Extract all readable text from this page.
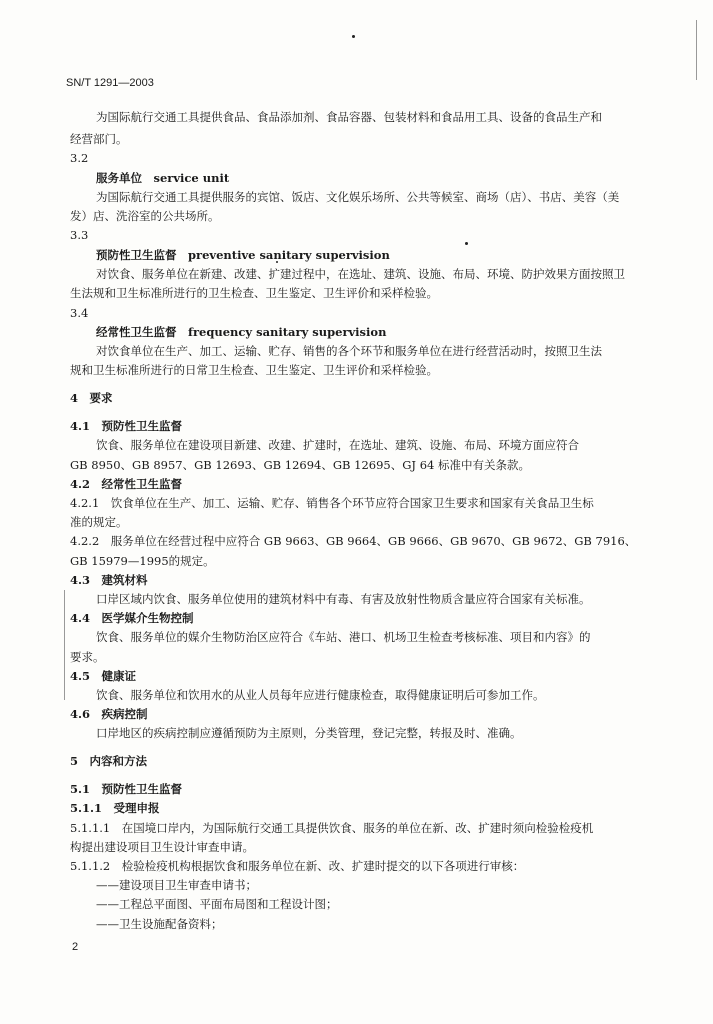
SN/T 1291—2003
为国际航行交通工具提供食品、食品添加剂、食品容器、包装材料和食品用工具、设备的食品生产和
经营部门。
3.2
服务单位　service unit
为国际航行交通工具提供服务的宾馆、饭店、文化娱乐场所、公共等候室、商场（店）、书店、美容（美
发）店、洗浴室的公共场所。
3.3
预防性卫生监督　preventive sanitary supervision
对饮食、服务单位在新建、改建、扩建过程中，在选址、建筑、设施、布局、环境、防护效果方面按照卫
生法规和卫生标准所进行的卫生检查、卫生鉴定、卫生评价和采样检验。
3.4
经常性卫生监督　frequency sanitary supervision
对饮食单位在生产、加工、运输、贮存、销售的各个环节和服务单位在进行经营活动时，按照卫生法
规和卫生标准所进行的日常卫生检查、卫生鉴定、卫生评价和采样检验。
4　要求
4.1　预防性卫生监督
饮食、服务单位在建设项目新建、改建、扩建时，在选址、建筑、设施、布局、环境方面应符合
GB 8950、GB 8957、GB 12693、GB 12694、GB 12695、GJ 64 标准中有关条款。
4.2　经常性卫生监督
4.2.1　饮食单位在生产、加工、运输、贮存、销售各个环节应符合国家卫生要求和国家有关食品卫生标
准的规定。
4.2.2　服务单位在经营过程中应符合 GB 9663、GB 9664、GB 9666、GB 9670、GB 9672、GB 7916、
GB 15979—1995的规定。
4.3　建筑材料
口岸区域内饮食、服务单位使用的建筑材料中有毒、有害及放射性物质含量应符合国家有关标准。
4.4　医学媒介生物控制
饮食、服务单位的媒介生物防治区应符合《车站、港口、机场卫生检查考核标准、项目和内容》的
要求。
4.5　健康证
饮食、服务单位和饮用水的从业人员每年应进行健康检查，取得健康证明后可参加工作。
4.6　疾病控制
口岸地区的疾病控制应遵循预防为主原则，分类管理，登记完整，转报及时、准确。
5　内容和方法
5.1　预防性卫生监督
5.1.1　受理申报
5.1.1.1　在国境口岸内，为国际航行交通工具提供饮食、服务的单位在新、改、扩建时须向检验检疫机
构提出建设项目卫生设计审查申请。
5.1.1.2　检验检疫机构根据饮食和服务单位在新、改、扩建时提交的以下各项进行审核：
——建设项目卫生审查申请书；
——工程总平面图、平面布局图和工程设计图；
——卫生设施配备资料；
2
